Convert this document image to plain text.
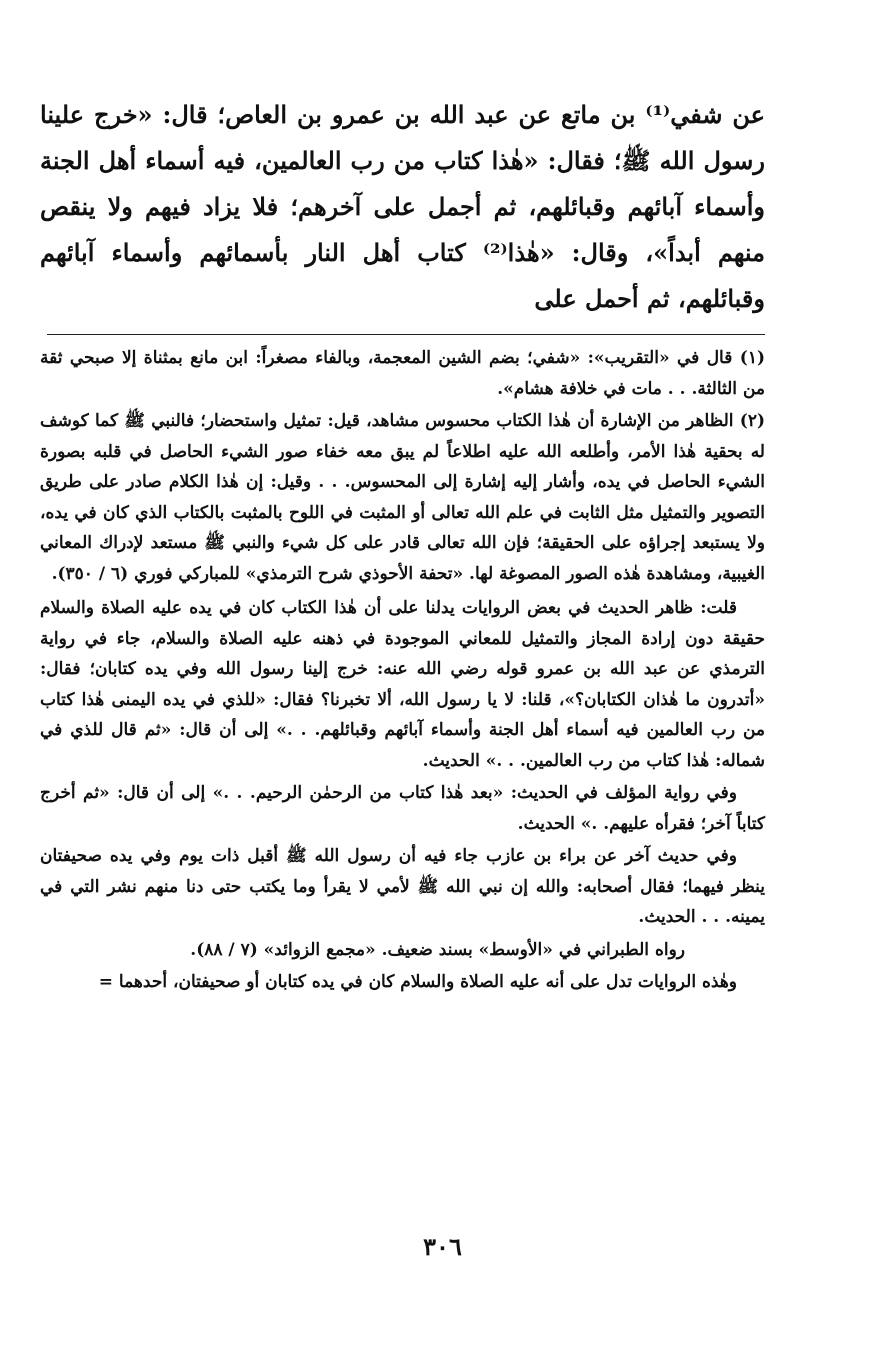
عن شفي⁽¹⁾ بن ماتع عن عبد الله بن عمرو بن العاص؛ قال: «خرج علينا رسول الله ﷺ؛ فقال: «هٰذا كتاب من رب العالمين، فيه أسماء أهل الجنة وأسماء آبائهم وقبائلهم، ثم أجمل على آخرهم؛ فلا يزاد فيهم ولا ينقص منهم أبداً»، وقال: «هٰذا⁽²⁾ كتاب أهل النار بأسمائهم وأسماء آبائهم وقبائلهم، ثم أحمل على

(١) قال في «التقريب»: «شفي؛ بضم الشين المعجمة، وبالفاء مصغراً: ابن مانع بمثناة إلا صبحي ثقة من الثالثة. . . مات في خلافة هشام».

(٢) الظاهر من الإشارة أن هٰذا الكتاب محسوس مشاهد، قيل: تمثيل واستحضار؛ فالنبي ﷺ كما كوشف له بحقية هٰذا الأمر، وأطلعه الله عليه اطلاعاً لم يبق معه خفاء صور الشيء الحاصل في قلبه بصورة الشيء الحاصل في يده، وأشار إليه إشارة إلى المحسوس. . . وقيل: إن هٰذا الكلام صادر على طريق التصوير والتمثيل مثل الثابت في علم الله تعالى أو المثبت في اللوح بالمثبت بالكتاب الذي كان في يده، ولا يستبعد إجراؤه على الحقيقة؛ فإن الله تعالى قادر على كل شيء والنبي ﷺ مستعد لإدراك المعاني الغيبية، ومشاهدة هٰذه الصور المصوغة لها. «تحفة الأحوذي شرح الترمذي» للمباركي فوري (٦ / ٣٥٠).

قلت: ظاهر الحديث في بعض الروايات يدلنا على أن هٰذا الكتاب كان في يده عليه الصلاة والسلام حقيقة دون إرادة المجاز والتمثيل للمعاني الموجودة في ذهنه عليه الصلاة والسلام، جاء في رواية الترمذي عن عبد الله بن عمرو قوله رضي الله عنه: خرج إلينا رسول الله وفي يده كتابان؛ فقال: «أتدرون ما هٰذان الكتابان؟»، قلنا: لا يا رسول الله، ألا تخبرنا؟ فقال: «للذي في يده اليمنى هٰذا كتاب من رب العالمين فيه أسماء أهل الجنة وأسماء آبائهم وقبائلهم. . .» إلى أن قال: «ثم قال للذي في شماله: هٰذا كتاب من رب العالمين. . .» الحديث.

وفي رواية المؤلف في الحديث: «بعد هٰذا كتاب من الرحمٰن الرحيم. . .» إلى أن قال: «ثم أخرج كتاباً آخر؛ فقرأه عليهم. .» الحديث.

وفي حديث آخر عن براء بن عازب جاء فيه أن رسول الله ﷺ أقبل ذات يوم وفي يده صحيفتان ينظر فيهما؛ فقال أصحابه: والله إن نبي الله ﷺ لأمي لا يقرأ وما يكتب حتى دنا منهم نشر التي في يمينه. . . الحديث.

رواه الطبراني في «الأوسط» بسند ضعيف. «مجمع الزوائد» (٧ / ٨٨).

وهٰذه الروايات تدل على أنه عليه الصلاة والسلام كان في يده كتابان أو صحيفتان، أحدهما =

٣٠٦
